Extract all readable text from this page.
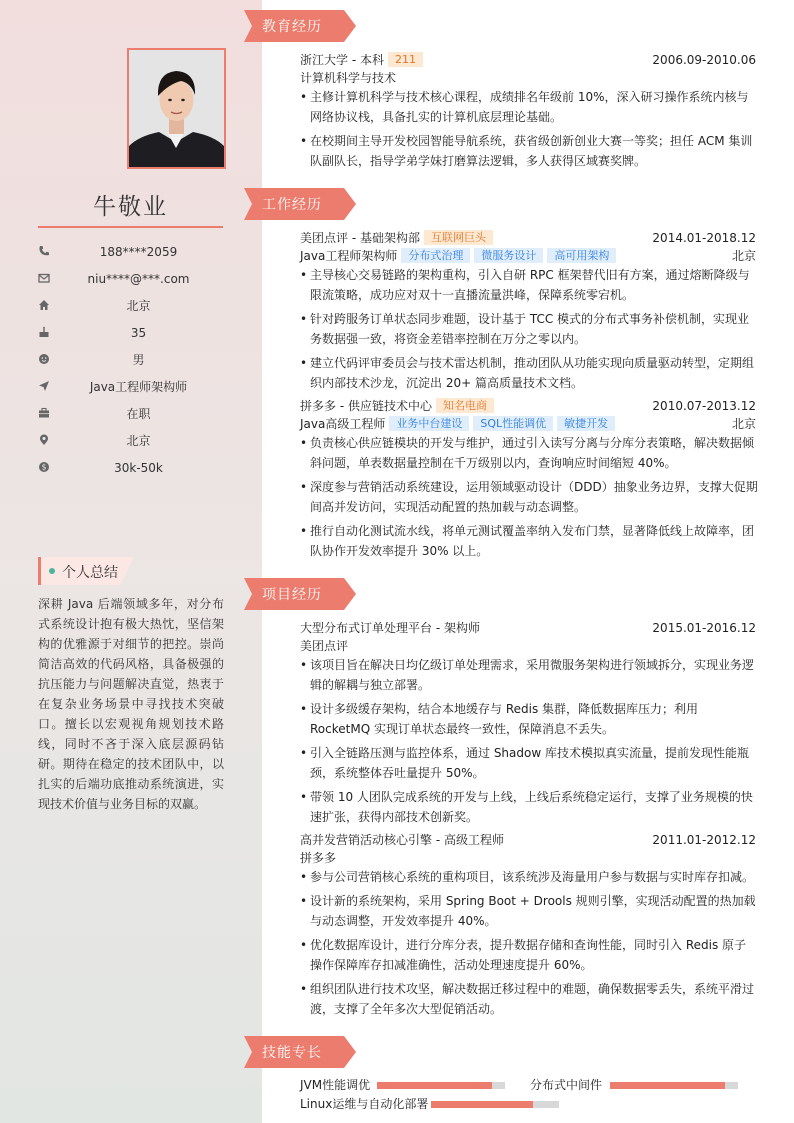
牛敬业
188****2059
niu****@***.com
北京
35
男
Java工程师架构师
在职
北京
$	30k-50k
个人总结
深耕 Java 后端领域多年，对分布式系统设计抱有极大热忱，坚信架构的优雅源于对细节的把控。崇尚简洁高效的代码风格，具备极强的抗压能力与问题解决直觉，热衷于在复杂业务场景中寻找技术突破口。擅长以宏观视角规划技术路线，同时不吝于深入底层源码钻研。期待在稳定的技术团队中，以扎实的后端功底推动系统演进，实现技术价值与业务目标的双赢。
教育经历
浙江大学 - 本科 211	2006.09-2010.06
计算机科学与技术
• 主修计算机科学与技术核心课程，成绩排名年级前 10%，深入研习操作系统内核与网络协议栈，具备扎实的计算机底层理论基础。
• 在校期间主导开发校园智能导航系统，获省级创新创业大赛一等奖；担任 ACM 集训队副队长，指导学弟学妹打磨算法逻辑，多人获得区域赛奖牌。
工作经历
美团点评 - 基础架构部 互联网巨头	2014.01-2018.12
Java工程师架构师 分布式治理 微服务设计 高可用架构	北京
• 主导核心交易链路的架构重构，引入自研 RPC 框架替代旧有方案，通过熔断降级与限流策略，成功应对双十一直播流量洪峰，保障系统零宕机。
• 针对跨服务订单状态同步难题，设计基于 TCC 模式的分布式事务补偿机制，实现业务数据强一致，将资金差错率控制在万分之零以内。
• 建立代码评审委员会与技术雷达机制，推动团队从功能实现向质量驱动转型，定期组织内部技术沙龙，沉淀出 20+ 篇高质量技术文档。
拼多多 - 供应链技术中心 知名电商	2010.07-2013.12
Java高级工程师 业务中台建设 SQL性能调优 敏捷开发	北京
• 负责核心供应链模块的开发与维护，通过引入读写分离与分库分表策略，解决数据倾斜问题，单表数据量控制在千万级别以内，查询响应时间缩短 40%。
• 深度参与营销活动系统建设，运用领域驱动设计（DDD）抽象业务边界，支撑大促期间高并发访问，实现活动配置的热加载与动态调整。
• 推行自动化测试流水线，将单元测试覆盖率纳入发布门禁，显著降低线上故障率，团队协作开发效率提升 30% 以上。
项目经历
大型分布式订单处理平台 - 架构师	2015.01-2016.12
美团点评
• 该项目旨在解决日均亿级订单处理需求，采用微服务架构进行领域拆分，实现业务逻辑的解耦与独立部署。
• 设计多级缓存架构，结合本地缓存与 Redis 集群，降低数据库压力；利用 RocketMQ 实现订单状态最终一致性，保障消息不丢失。
• 引入全链路压测与监控体系，通过 Shadow 库技术模拟真实流量，提前发现性能瓶颈，系统整体吞吐量提升 50%。
• 带领 10 人团队完成系统的开发与上线，上线后系统稳定运行，支撑了业务规模的快速扩张，获得内部技术创新奖。
高并发营销活动核心引擎 - 高级工程师	2011.01-2012.12
拼多多
• 参与公司营销核心系统的重构项目，该系统涉及海量用户参与数据与实时库存扣减。
• 设计新的系统架构，采用 Spring Boot + Drools 规则引擎，实现活动配置的热加载与动态调整，开发效率提升 40%。
• 优化数据库设计，进行分库分表，提升数据存储和查询性能，同时引入 Redis 原子操作保障库存扣减准确性，活动处理速度提升 60%。
• 组织团队进行技术攻坚，解决数据迁移过程中的难题，确保数据零丢失，系统平滑过渡，支撑了全年多次大型促销活动。
技能专长
JVM性能调优	分布式中间件
Linux运维与自动化部署
